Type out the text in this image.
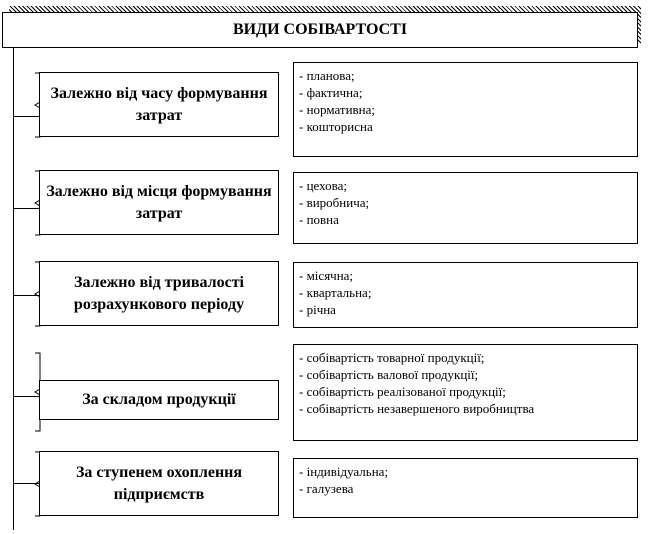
ВИДИ СОБІВАРТОСТІ
Залежно від часу формування затрат
- планова;
- фактична;
- нормативна;
- кошторисна
Залежно від місця формування затрат
- цехова;
- виробнича;
- повна
Залежно від тривалості розрахункового періоду
- місячна;
- квартальна;
- річна
За складом продукції
- собівартість товарної продукції;
- собівартість валової продукції;
- собівартість реалізованої продукції;
- собівартість незавершеного виробництва
За ступенем охоплення підприємств
- індивідуальна;
- галузева
